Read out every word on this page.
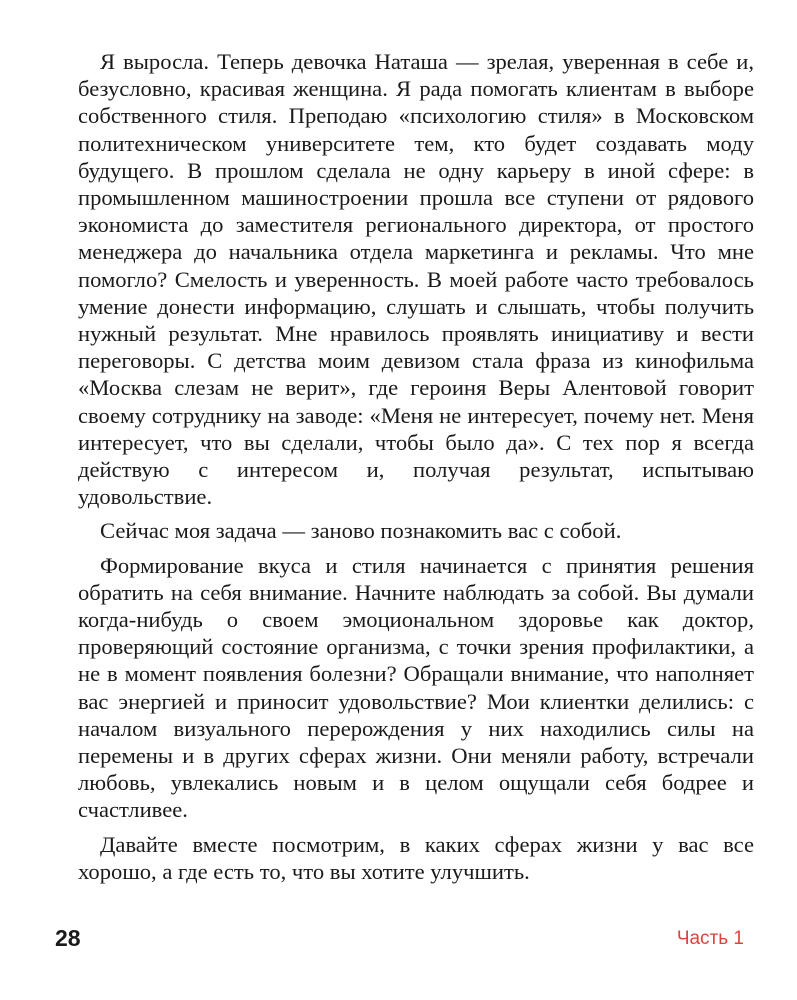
Я выросла. Теперь девочка Наташа — зрелая, уверенная в себе и, безусловно, красивая женщина. Я рада помогать клиентам в выборе собственного стиля. Преподаю «психологию стиля» в Московском политехническом университете тем, кто будет создавать моду будущего. В прошлом сделала не одну карьеру в иной сфере: в промышленном машиностроении прошла все ступени от рядового экономиста до заместителя регионального директора, от простого менеджера до начальника отдела маркетинга и рекламы. Что мне помогло? Смелость и уверенность. В моей работе часто требовалось умение донести информацию, слушать и слышать, чтобы получить нужный результат. Мне нравилось проявлять инициативу и вести переговоры. С детства моим девизом стала фраза из кинофильма «Москва слезам не верит», где героиня Веры Алентовой говорит своему сотруднику на заводе: «Меня не интересует, почему нет. Меня интересует, что вы сделали, чтобы было да». С тех пор я всегда действую с интересом и, получая результат, испытываю удовольствие.

Сейчас моя задача — заново познакомить вас с собой.

Формирование вкуса и стиля начинается с принятия решения обратить на себя внимание. Начните наблюдать за собой. Вы думали когда-нибудь о своем эмоциональном здоровье как доктор, проверяющий состояние организма, с точки зрения профилактики, а не в момент появления болезни? Обращали внимание, что наполняет вас энергией и приносит удовольствие? Мои клиентки делились: с началом визуального перерождения у них находились силы на перемены и в других сферах жизни. Они меняли работу, встречали любовь, увлекались новым и в целом ощущали себя бодрее и счастливее.

Давайте вместе посмотрим, в каких сферах жизни у вас все хорошо, а где есть то, что вы хотите улучшить.

28	Часть 1
